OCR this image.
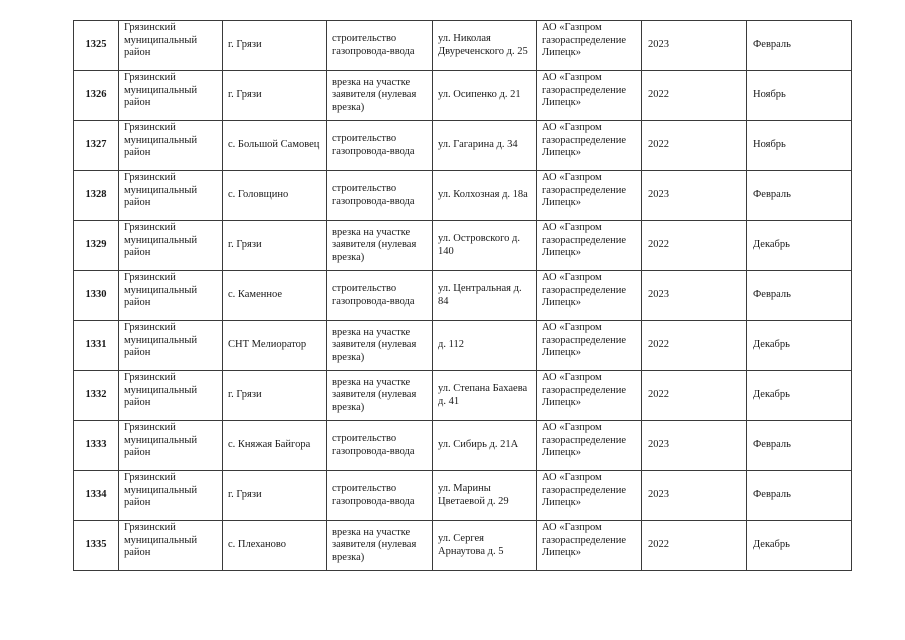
1325	Грязинский муниципальный район	г. Грязи	строительство газопровода-ввода	ул. Николая Двуреченского д. 25	АО «Газпром газораспределение Липецк»	2023	Февраль
1326	Грязинский муниципальный район	г. Грязи	врезка на участке заявителя (нулевая врезка)	ул. Осипенко д. 21	АО «Газпром газораспределение Липецк»	2022	Ноябрь
1327	Грязинский муниципальный район	с. Большой Самовец	строительство газопровода-ввода	ул. Гагарина д. 34	АО «Газпром газораспределение Липецк»	2022	Ноябрь
1328	Грязинский муниципальный район	с. Головщино	строительство газопровода-ввода	ул. Колхозная д. 18а	АО «Газпром газораспределение Липецк»	2023	Февраль
1329	Грязинский муниципальный район	г. Грязи	врезка на участке заявителя (нулевая врезка)	ул. Островского д. 140	АО «Газпром газораспределение Липецк»	2022	Декабрь
1330	Грязинский муниципальный район	с. Каменное	строительство газопровода-ввода	ул. Центральная д. 84	АО «Газпром газораспределение Липецк»	2023	Февраль
1331	Грязинский муниципальный район	СНТ Мелиоратор	врезка на участке заявителя (нулевая врезка)	д. 112	АО «Газпром газораспределение Липецк»	2022	Декабрь
1332	Грязинский муниципальный район	г. Грязи	врезка на участке заявителя (нулевая врезка)	ул. Степана Бахаева д. 41	АО «Газпром газораспределение Липецк»	2022	Декабрь
1333	Грязинский муниципальный район	с. Княжая Байгора	строительство газопровода-ввода	ул. Сибирь д. 21А	АО «Газпром газораспределение Липецк»	2023	Февраль
1334	Грязинский муниципальный район	г. Грязи	строительство газопровода-ввода	ул. Марины Цветаевой д. 29	АО «Газпром газораспределение Липецк»	2023	Февраль
1335	Грязинский муниципальный район	с. Плеханово	врезка на участке заявителя (нулевая врезка)	ул. Сергея Арнаутова д. 5	АО «Газпром газораспределение Липецк»	2022	Декабрь
